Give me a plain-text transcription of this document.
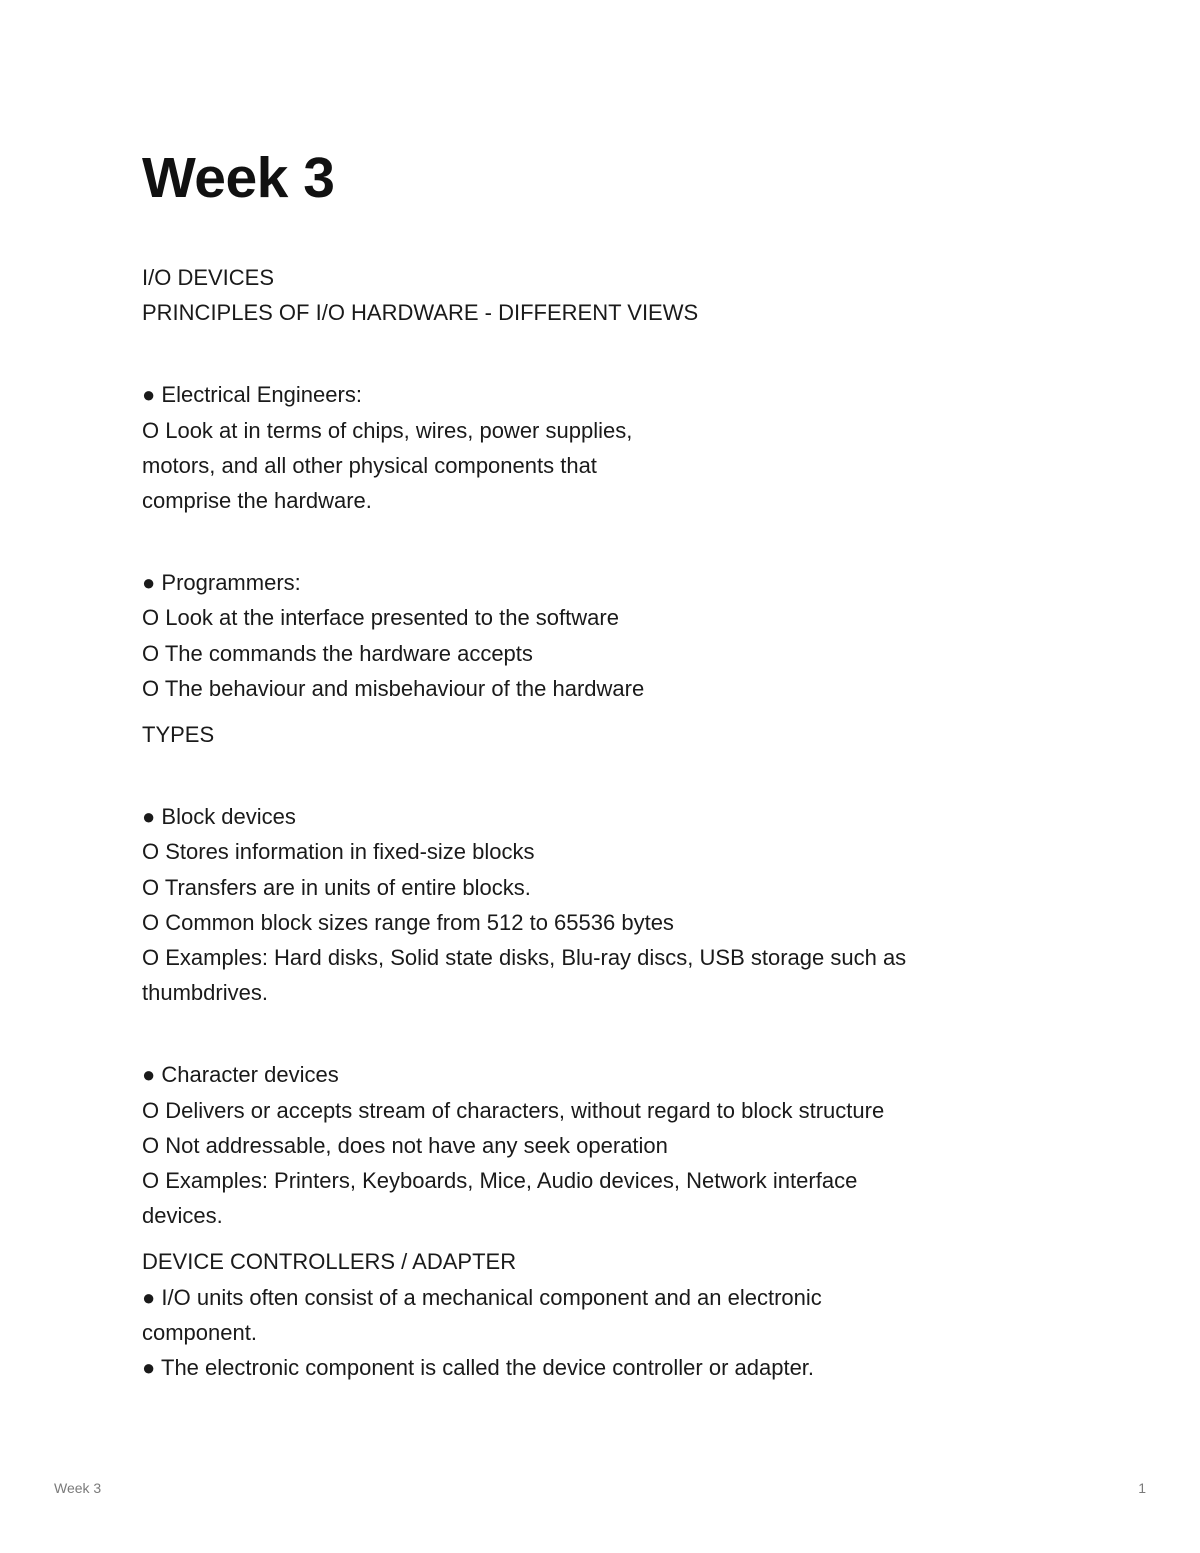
Week 3
I/O DEVICES
PRINCIPLES OF I/O HARDWARE - DIFFERENT VIEWS
● Electrical Engineers:
O Look at in terms of chips, wires, power supplies,
motors, and all other physical components that
comprise the hardware.
● Programmers:
O Look at the interface presented to the software
O The commands the hardware accepts
O The behaviour and misbehaviour of the hardware
TYPES
● Block devices
O Stores information in fixed-size blocks
O Transfers are in units of entire blocks.
O Common block sizes range from 512 to 65536 bytes
O Examples: Hard disks, Solid state disks, Blu-ray discs, USB storage such as
thumbdrives.
● Character devices
O Delivers or accepts stream of characters, without regard to block structure
O Not addressable, does not have any seek operation
O Examples: Printers, Keyboards, Mice, Audio devices, Network interface
devices.
DEVICE CONTROLLERS / ADAPTER
● I/O units often consist of a mechanical component and an electronic
component.
● The electronic component is called the device controller or adapter.
Week 3	1
